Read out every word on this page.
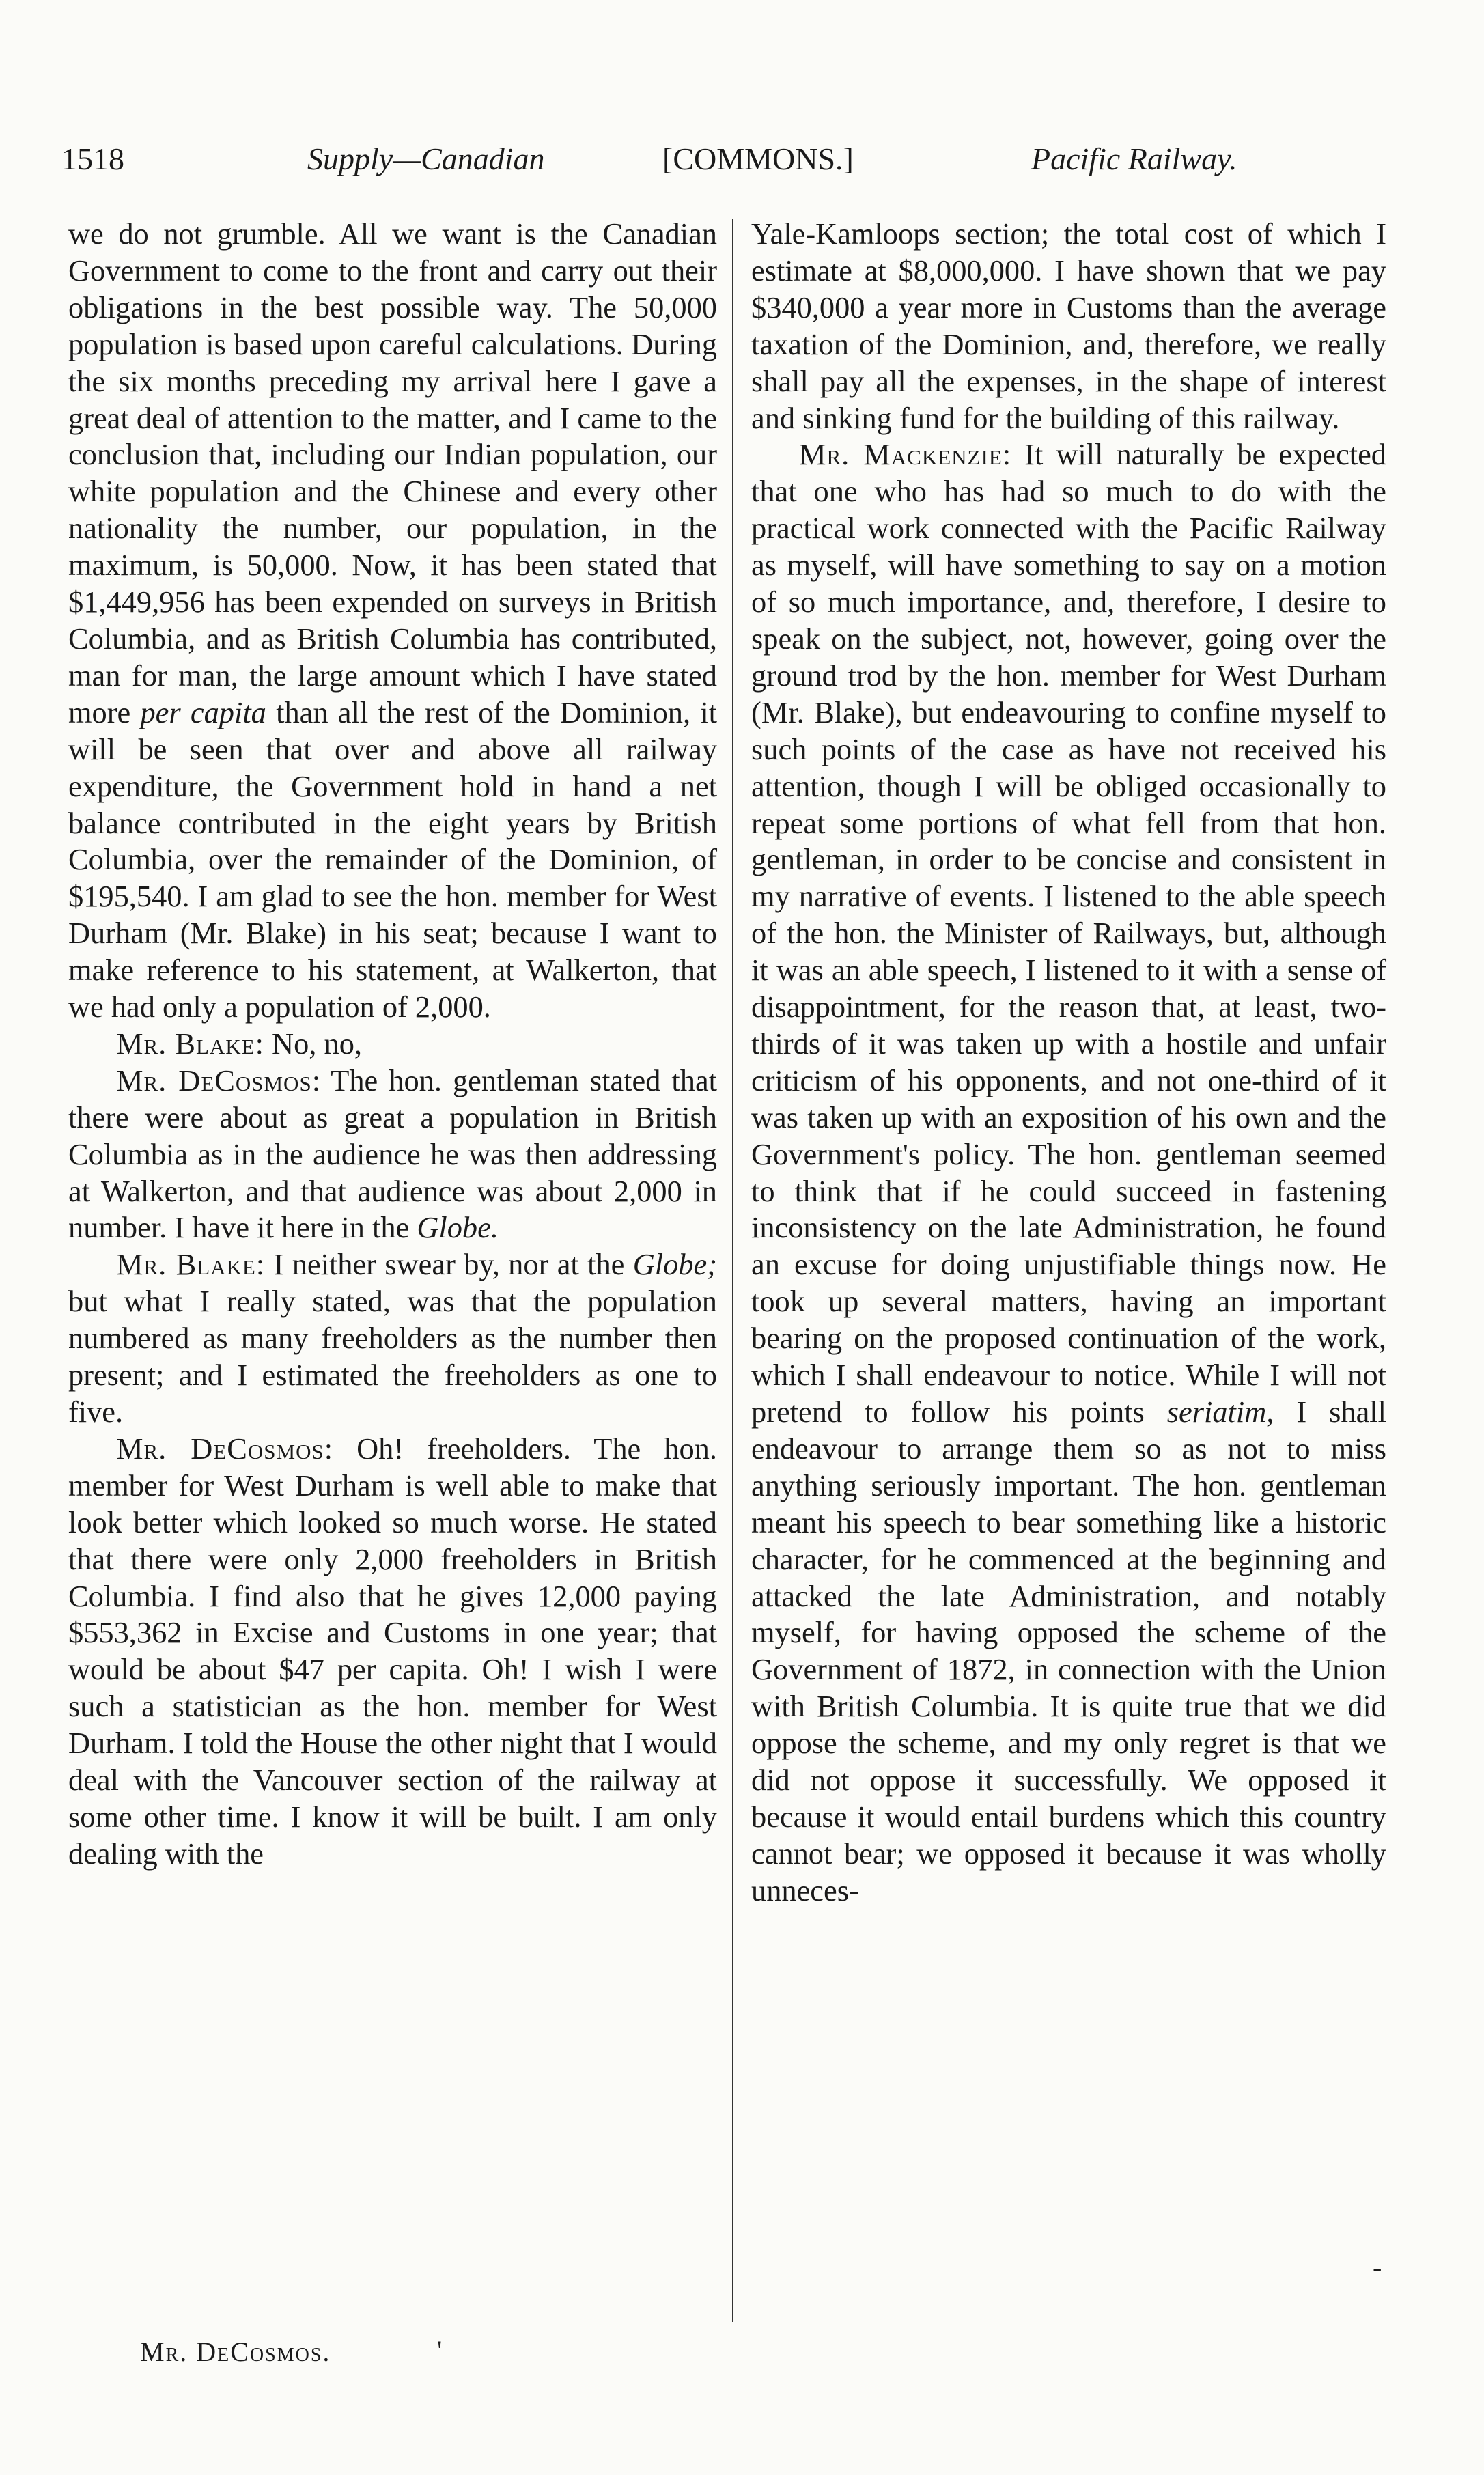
1518	Supply—Canadian	[COMMONS.]	Pacific Railway.

we do not grumble. All we want is the Canadian Government to come to the front and carry out their obligations in the best possible way. The 50,000 population is based upon careful calculations. During the six months preceding my arrival here I gave a great deal of attention to the matter, and I came to the conclusion that, including our Indian population, our white population and the Chinese and every other nationality the number, our population, in the maximum, is 50,000. Now, it has been stated that $1,449,956 has been expended on surveys in British Columbia, and as British Columbia has contributed, man for man, the large amount which I have stated more per capita than all the rest of the Dominion, it will be seen that over and above all railway expenditure, the Government hold in hand a net balance contributed in the eight years by British Columbia, over the remainder of the Dominion, of $195,540. I am glad to see the hon. member for West Durham (Mr. Blake) in his seat; because I want to make reference to his statement, at Walkerton, that we had only a population of 2,000.

Mr. Blake: No, no,

Mr. DeCosmos: The hon. gentleman stated that there were about as great a population in British Columbia as in the audience he was then addressing at Walkerton, and that audience was about 2,000 in number. I have it here in the Globe.

Mr. Blake: I neither swear by, nor at the Globe; but what I really stated, was that the population numbered as many freeholders as the number then present; and I estimated the freeholders as one to five.

Mr. DeCosmos: Oh! freeholders. The hon. member for West Durham is well able to make that look better which looked so much worse. He stated that there were only 2,000 freeholders in British Columbia. I find also that he gives 12,000 paying $553,362 in Excise and Customs in one year; that would be about $47 per capita. Oh! I wish I were such a statistician as the hon. member for West Durham. I told the House the other night that I would deal with the Vancouver section of the railway at some other time. I know it will be built. I am only dealing with the

Yale-Kamloops section; the total cost of which I estimate at $8,000,000. I have shown that we pay $340,000 a year more in Customs than the average taxation of the Dominion, and, therefore, we really shall pay all the expenses, in the shape of interest and sinking fund for the building of this railway.

Mr. Mackenzie: It will naturally be expected that one who has had so much to do with the practical work connected with the Pacific Railway as myself, will have something to say on a motion of so much importance, and, therefore, I desire to speak on the subject, not, however, going over the ground trod by the hon. member for West Durham (Mr. Blake), but endeavouring to confine myself to such points of the case as have not received his attention, though I will be obliged occasionally to repeat some portions of what fell from that hon. gentleman, in order to be concise and consistent in my narrative of events. I listened to the able speech of the hon. the Minister of Railways, but, although it was an able speech, I listened to it with a sense of disappointment, for the reason that, at least, two-thirds of it was taken up with a hostile and unfair criticism of his opponents, and not one-third of it was taken up with an exposition of his own and the Government's policy. The hon. gentleman seemed to think that if he could succeed in fastening inconsistency on the late Administration, he found an excuse for doing unjustifiable things now. He took up several matters, having an important bearing on the proposed continuation of the work, which I shall endeavour to notice. While I will not pretend to follow his points seriatim, I shall endeavour to arrange them so as not to miss anything seriously important. The hon. gentleman meant his speech to bear something like a historic character, for he commenced at the beginning and attacked the late Administration, and notably myself, for having opposed the scheme of the Government of 1872, in connection with the Union with British Columbia. It is quite true that we did oppose the scheme, and my only regret is that we did not oppose it successfully. We opposed it because it would entail burdens which this country cannot bear; we opposed it because it was wholly unneces-

Mr. DeCosmos.	'
-
